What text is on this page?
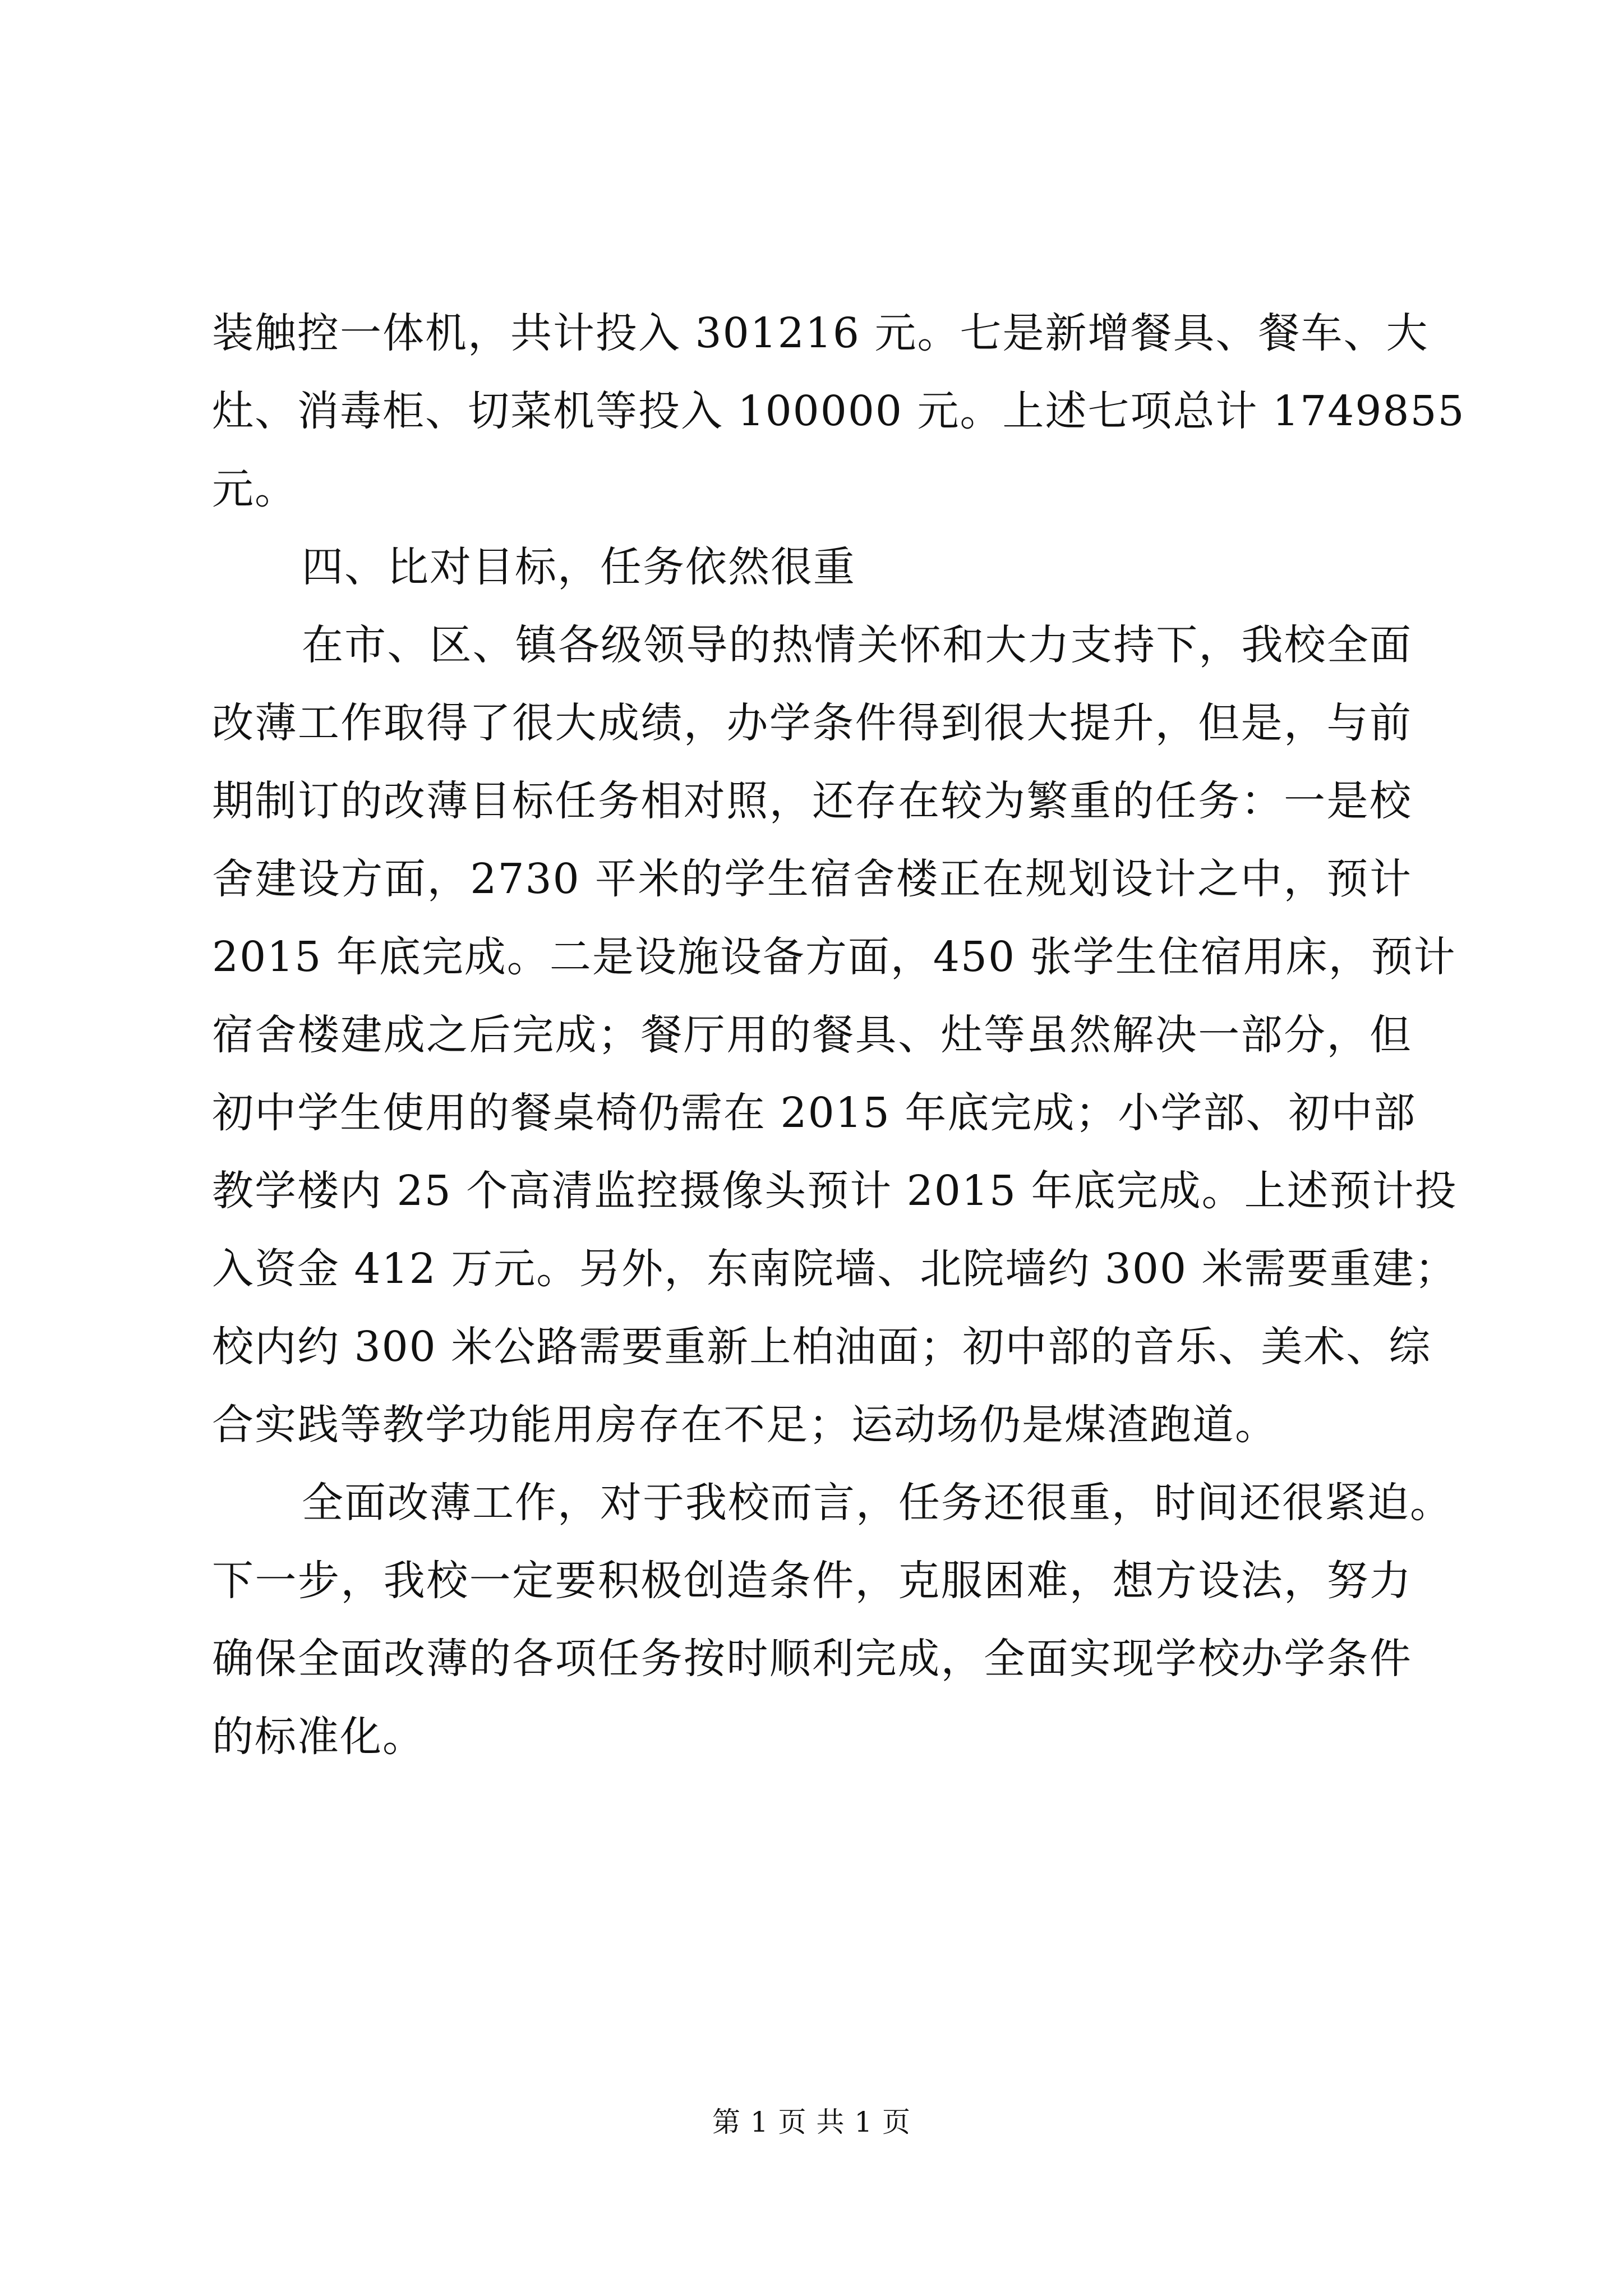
装触控一体机，共计投入 301216 元。七是新增餐具、餐车、大
灶、消毒柜、切菜机等投入 100000 元。上述七项总计 1749855
元。
四、比对目标，任务依然很重
在市、区、镇各级领导的热情关怀和大力支持下，我校全面
改薄工作取得了很大成绩，办学条件得到很大提升，但是，与前
期制订的改薄目标任务相对照，还存在较为繁重的任务：一是校
舍建设方面，2730 平米的学生宿舍楼正在规划设计之中，预计
2015 年底完成。二是设施设备方面，450 张学生住宿用床，预计
宿舍楼建成之后完成；餐厅用的餐具、灶等虽然解决一部分，但
初中学生使用的餐桌椅仍需在 2015 年底完成；小学部、初中部
教学楼内 25 个高清监控摄像头预计 2015 年底完成。上述预计投
入资金 412 万元。另外，东南院墙、北院墙约 300 米需要重建；
校内约 300 米公路需要重新上柏油面；初中部的音乐、美术、综
合实践等教学功能用房存在不足；运动场仍是煤渣跑道。
全面改薄工作，对于我校而言，任务还很重，时间还很紧迫。
下一步，我校一定要积极创造条件，克服困难，想方设法，努力
确保全面改薄的各项任务按时顺利完成，全面实现学校办学条件
的标准化。
第 1 页 共 1 页
